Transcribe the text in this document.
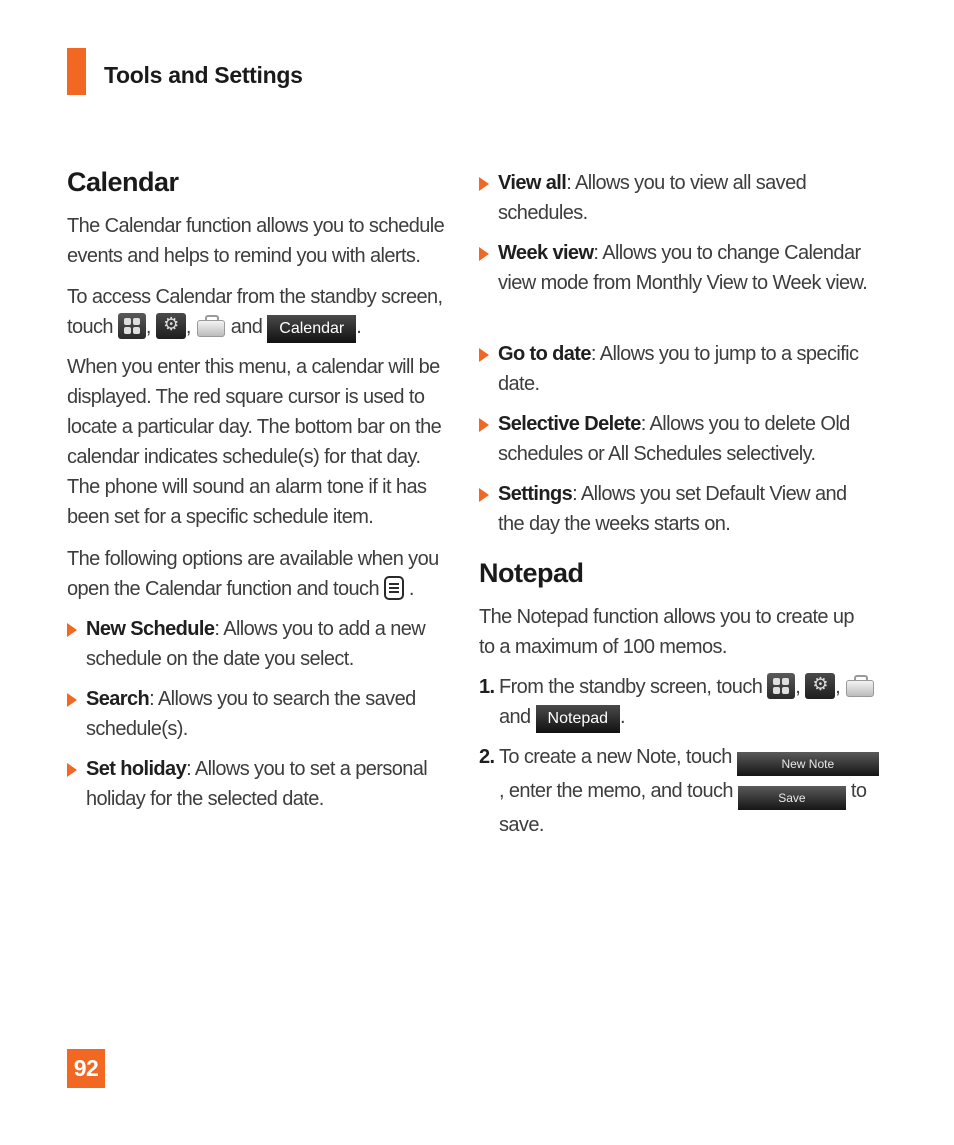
Tools and Settings
Calendar
The Calendar function allows you to schedule events and helps to remind you with alerts.
To access Calendar from the standby screen, touch , ⚙ , and Calendar .
When you enter this menu, a calendar will be displayed. The red square cursor is used to locate a particular day. The bottom bar on the calendar indicates schedule(s) for that day. The phone will sound an alarm tone if it has been set for a specific schedule item.
The following options are available when you open the Calendar function and touch .
New Schedule: Allows you to add a new schedule on the date you select.
Search: Allows you to search the saved schedule(s).
Set holiday: Allows you to set a personal holiday for the selected date.
View all: Allows you to view all saved schedules.
Week view: Allows you to change Calendar view mode from Monthly View to Week view.
Go to date: Allows you to jump to a specific date.
Selective Delete: Allows you to delete Old schedules or All Schedules selectively.
Settings: Allows you set Default View and the day the weeks starts on.
Notepad
The Notepad function allows you to create up to a maximum of 100 memos.
1. From the standby screen, touch , ⚙ ,
and Notepad .
2. To create a new Note, touch	New Note, enter the memo, and touch	Save to save.
92
